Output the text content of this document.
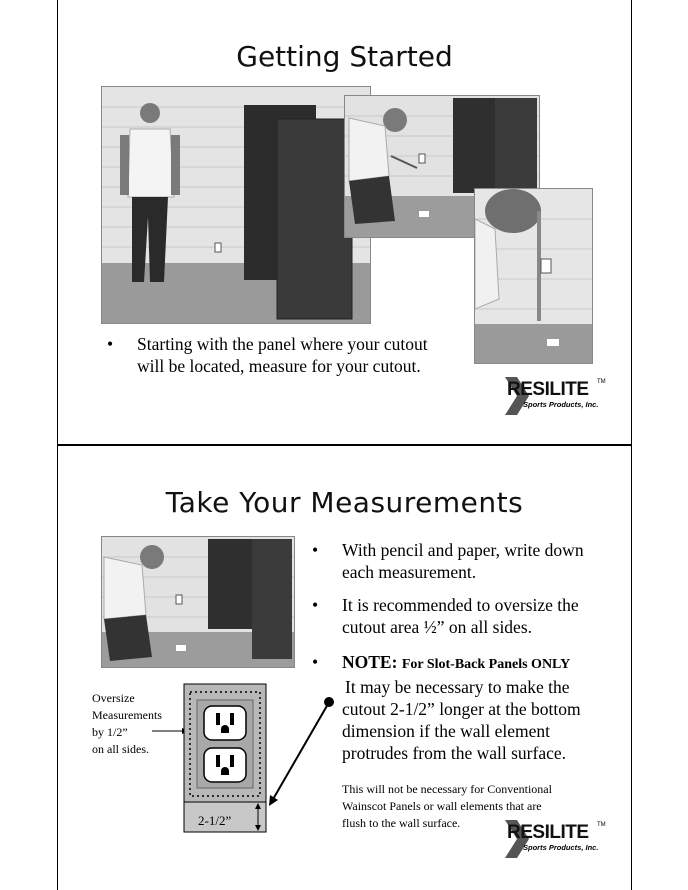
Getting Started
• Starting with the panel where your cutout
will be located, measure for your cutout.
RESILITE TM
Sports Products, Inc.
Take Your Measurements
• With pencil and paper, write down
each measurement.
• It is recommended to oversize the
cutout area ½” on all sides.
• NOTE: For Slot-Back Panels ONLY
It may be necessary to make the
cutout 2-1/2” longer at the bottom
dimension if the wall element
protrudes from the wall surface.
This will not be necessary for Conventional
Wainscot Panels or wall elements that are
flush to the wall surface.
Oversize
Measurements
by 1/2”
on all sides.
2-1/2”
RESILITE TM
Sports Products, Inc.
